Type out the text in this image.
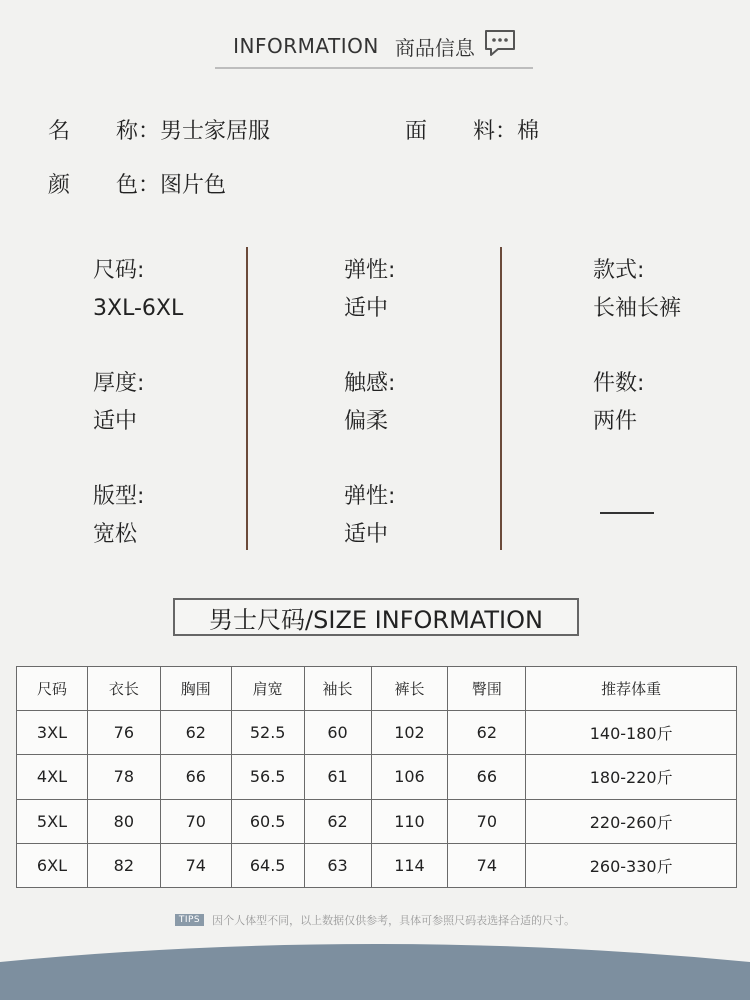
INFORMATION 商品信息
名 称：男士家居服	面 料：棉
颜 色：图片色
尺码:
3XL-6XL
厚度:
适中
版型:
宽松
弹性:
适中
触感:
偏柔
弹性:
适中
款式:
长袖长裤
件数:
两件
男士尺码/SIZE INFORMATION
尺码	衣长	胸围	肩宽	袖长	裤长	臀围	推荐体重
3XL	76	62	52.5	60	102	62	140-180斤
4XL	78	66	56.5	61	106	66	180-220斤
5XL	80	70	60.5	62	110	70	220-260斤
6XL	82	74	64.5	63	114	74	260-330斤
TIPS	因个人体型不同，以上数据仅供参考，具体可参照尺码表选择合适的尺寸。
